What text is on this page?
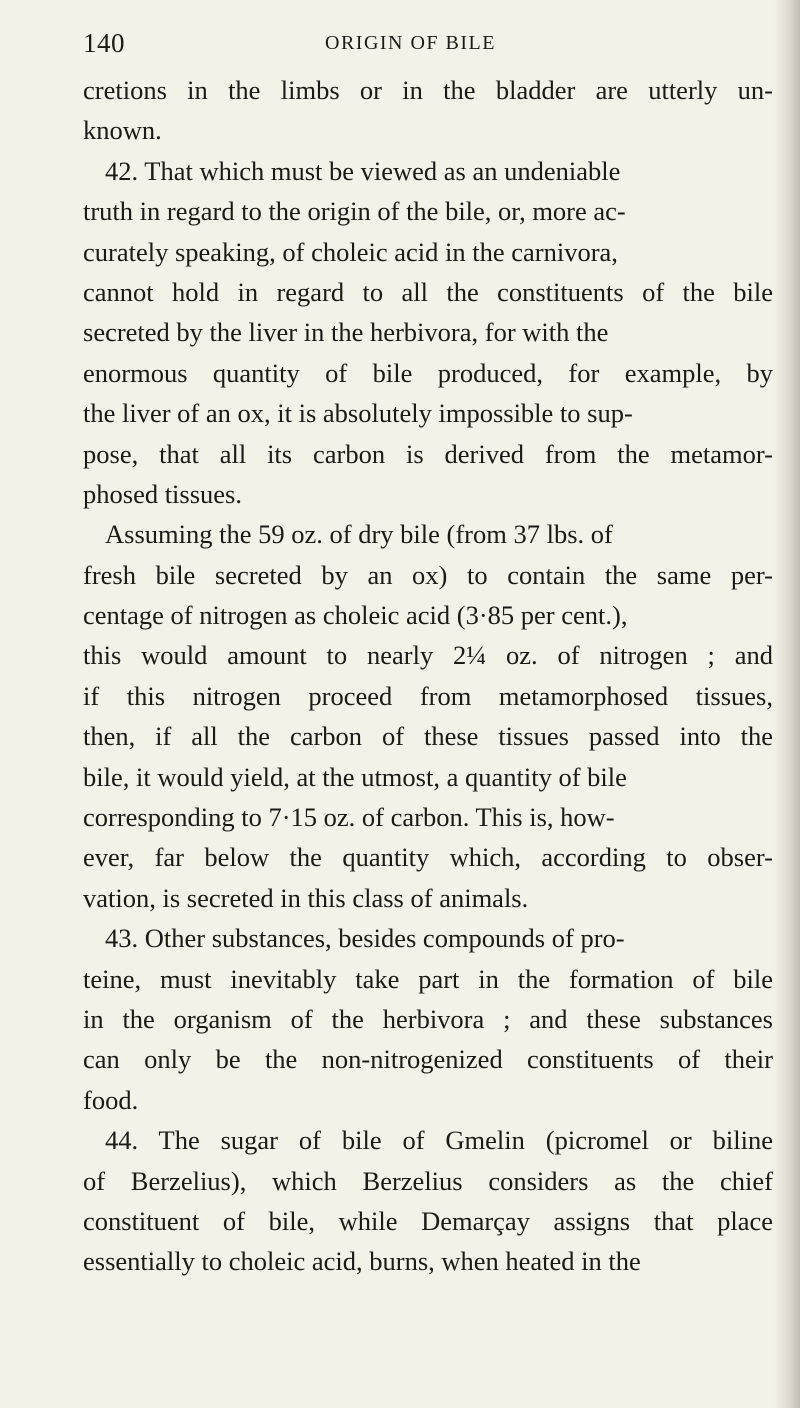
140	ORIGIN OF BILE
cretions in the limbs or in the bladder are utterly un-
known.
42. That which must be viewed as an undeniable
truth in regard to the origin of the bile, or, more ac-
curately speaking, of choleic acid in the carnivora,
cannot hold in regard to all the constituents of the bile
secreted by the liver in the herbivora, for with the
enormous quantity of bile produced, for example, by
the liver of an ox, it is absolutely impossible to sup-
pose, that all its carbon is derived from the metamor-
phosed tissues.
Assuming the 59 oz. of dry bile (from 37 lbs. of
fresh bile secreted by an ox) to contain the same per-
centage of nitrogen as choleic acid (3·85 per cent.),
this would amount to nearly 2¼ oz. of nitrogen ; and
if this nitrogen proceed from metamorphosed tissues,
then, if all the carbon of these tissues passed into the
bile, it would yield, at the utmost, a quantity of bile
corresponding to 7·15 oz. of carbon. This is, how-
ever, far below the quantity which, according to obser-
vation, is secreted in this class of animals.
43. Other substances, besides compounds of pro-
teine, must inevitably take part in the formation of bile
in the organism of the herbivora ; and these substances
can only be the non-nitrogenized constituents of their
food.
44. The sugar of bile of Gmelin (picromel or biline
of Berzelius), which Berzelius considers as the chief
constituent of bile, while Demarçay assigns that place
essentially to choleic acid, burns, when heated in the
